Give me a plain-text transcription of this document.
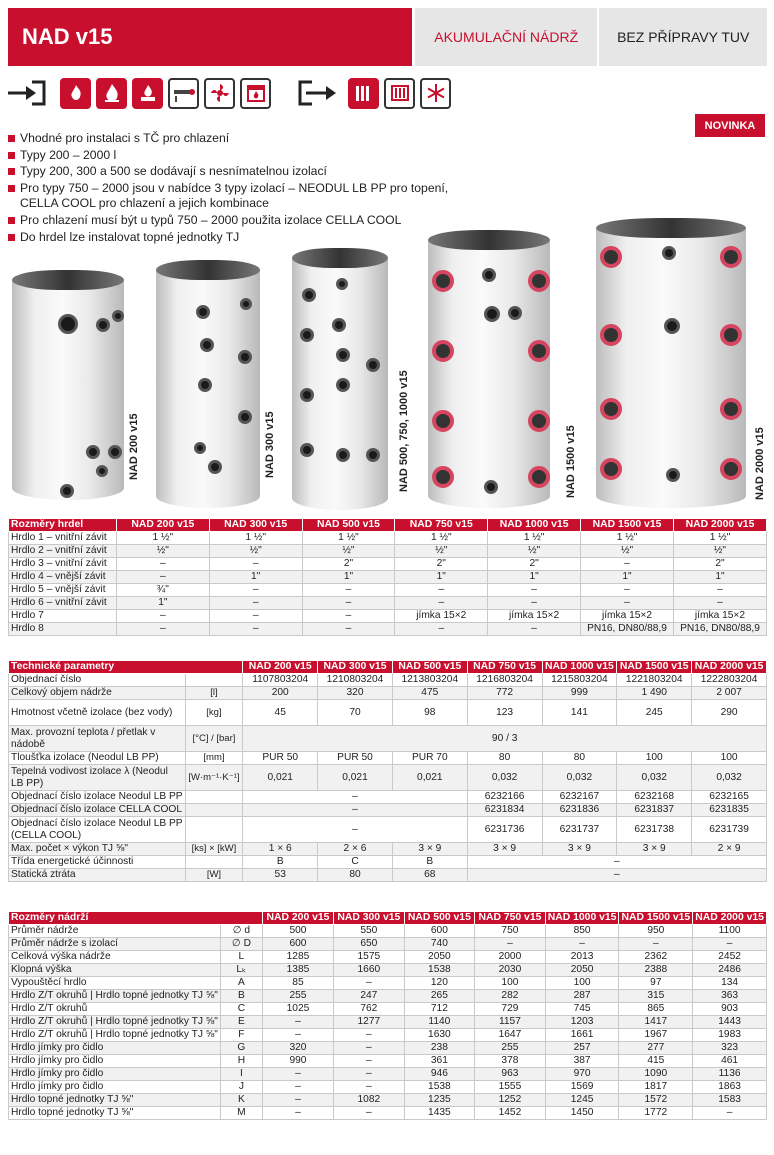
NAD v15	AKUMULAČNÍ NÁDRŽ	BEZ PŘÍPRAVY TUV
NOVINKA
Vhodné pro instalaci s TČ pro chlazení
Typy 200 – 2000 l
Typy 200, 300 a 500 se dodávají s nesnímatelnou izolací
Pro typy 750 – 2000 jsou v nabídce 3 typy izolací – NEODUL LB PP pro topení, CELLA COOL pro chlazení a jejich kombinace
Pro chlazení musí být u typů 750 – 2000 použita izolace CELLA COOL
Do hrdel lze instalovat topné jednotky TJ
NAD 200 v15	NAD 300 v15	NAD 500, 750, 1000 v15	NAD 1500 v15	NAD 2000 v15
Rozměry hrdel	NAD 200 v15	NAD 300 v15	NAD 500 v15	NAD 750 v15	NAD 1000 v15	NAD 1500 v15	NAD 2000 v15
Hrdlo 1 – vnitřní závit	1 ½"	1 ½"	1 ½"	1 ½"	1 ½"	1 ½"	1 ½"
Hrdlo 2 – vnitřní závit	½"	½"	½"	½"	½"	½"	½"
Hrdlo 3 – vnitřní závit	–	–	2"	2"	2"	–	2"
Hrdlo 4 – vnější závit	–	1"	1"	1"	1"	1"	1"
Hrdlo 5 – vnější závit	¾"	–	–	–	–	–	–
Hrdlo 6 – vnitřní závit	1"	–	–	–	–	–	–
Hrdlo 7	–	–	–	jímka 15×2	jímka 15×2	jímka 15×2	jímka 15×2
Hrdlo 8	–	–	–	–	–	PN16, DN80/88,9	PN16, DN80/88,9
Technické parametry		NAD 200 v15	NAD 300 v15	NAD 500 v15	NAD 750 v15	NAD 1000 v15	NAD 1500 v15	NAD 2000 v15
Objednací číslo		1107803204	1210803204	1213803204	1216803204	1215803204	1221803204	1222803204
Celkový objem nádrže	[l]	200	320	475	772	999	1 490	2 007
Hmotnost včetně izolace (bez vody)	[kg]	45	70	98	123	141	245	290
Max. provozní teplota / přetlak v nádobě	[°C] / [bar]	90 / 3						
Tloušťka izolace (Neodul LB PP)	[mm]	PUR 50	PUR 50	PUR 70	80	80	100	100
Tepelná vodivost izolace λ (Neodul LB PP)	[W·m⁻¹·K⁻¹]	0,021	0,021	0,021	0,032	0,032	0,032	0,032
Objednací číslo izolace Neodul LB PP		–			6232166	6232167	6232168	6232165
Objednací číslo izolace CELLA COOL		–			6231834	6231836	6231837	6231835
Objednací číslo izolace Neodul LB PP (CELLA COOL)		–			6231736	6231737	6231738	6231739
Max. počet × výkon TJ ⅝"	[ks] × [kW]	1 × 6	2 × 6	3 × 9	3 × 9	3 × 9	3 × 9	2 × 9
Třída energetické účinnosti		B	C	B	–			
Statická ztráta	[W]	53	80	68	–			
Rozměry nádrží		NAD 200 v15	NAD 300 v15	NAD 500 v15	NAD 750 v15	NAD 1000 v15	NAD 1500 v15	NAD 2000 v15
Průměr nádrže	∅ d	500	550	600	750	850	950	1100
Průměr nádrže s izolací	∅ D	600	650	740	–	–	–	–
Celková výška nádrže	L	1285	1575	2050	2000	2013	2362	2452
Klopná výška	Lₖ	1385	1660	1538	2030	2050	2388	2486
Vypouštěcí hrdlo	A	85	–	120	100	100	97	134
Hrdlo Z/T okruhů | Hrdlo topné jednotky TJ ⅝"	B	255	247	265	282	287	315	363
Hrdlo Z/T okruhů	C	1025	762	712	729	745	865	903
Hrdlo Z/T okruhů | Hrdlo topné jednotky TJ ⅝"	E	–	1277	1140	1157	1203	1417	1443
Hrdlo Z/T okruhů | Hrdlo topné jednotky TJ ⅝"	F	–	–	1630	1647	1661	1967	1983
Hrdlo jímky pro čidlo	G	320	–	238	255	257	277	323
Hrdlo jímky pro čidlo	H	990	–	361	378	387	415	461
Hrdlo jímky pro čidlo	I	–	–	946	963	970	1090	1136
Hrdlo jímky pro čidlo	J	–	–	1538	1555	1569	1817	1863
Hrdlo topné jednotky TJ ⅝"	K	–	1082	1235	1252	1245	1572	1583
Hrdlo topné jednotky TJ ⅝"	M	–	–	1435	1452	1450	1772	–
